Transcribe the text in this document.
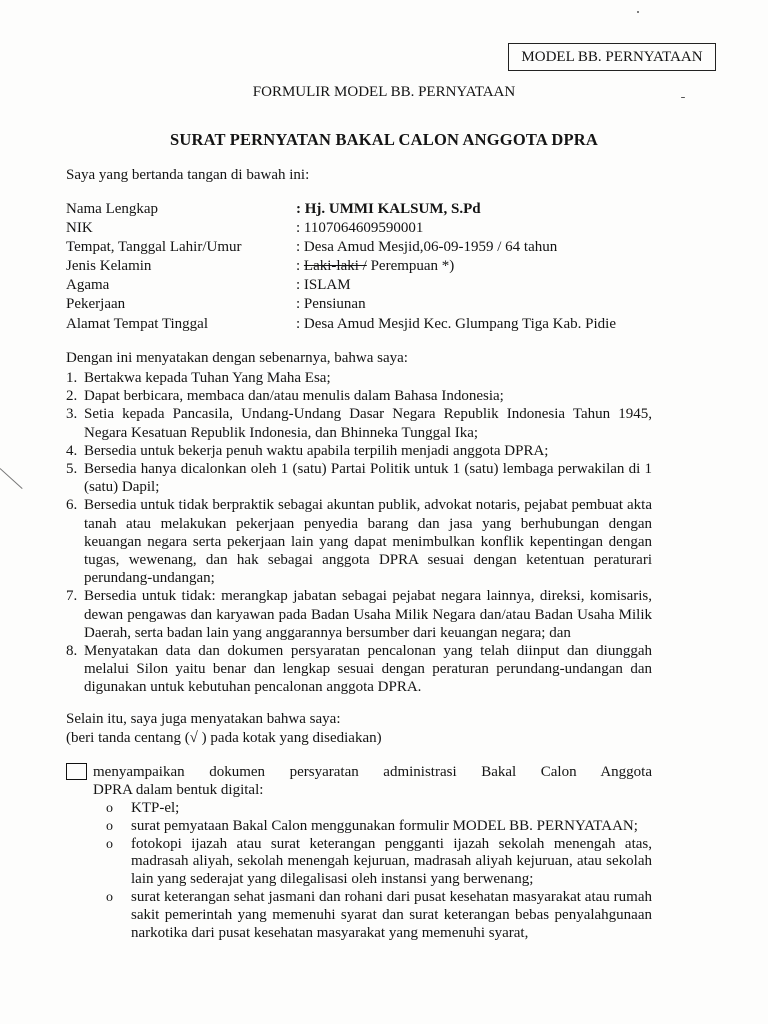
MODEL BB. PERNYATAAN
FORMULIR MODEL BB. PERNYATAAN
SURAT PERNYATAN BAKAL CALON ANGGOTA DPRA
Saya yang bertanda tangan di bawah ini:
Nama Lengkap	: Hj. UMMI KALSUM, S.Pd
NIK	: 1107064609590001
Tempat, Tanggal Lahir/Umur	: Desa Amud Mesjid,06-09-1959 / 64 tahun
Jenis Kelamin	: Laki-laki / Perempuan *)
Agama	: ISLAM
Pekerjaan	: Pensiunan
Alamat Tempat Tinggal	: Desa Amud Mesjid Kec. Glumpang Tiga Kab. Pidie
Dengan ini menyatakan dengan sebenarnya, bahwa saya:
1. Bertakwa kepada Tuhan Yang Maha Esa;
2. Dapat berbicara, membaca dan/atau menulis dalam Bahasa Indonesia;
3. Setia kepada Pancasila, Undang-Undang Dasar Negara Republik Indonesia Tahun 1945, Negara Kesatuan Republik Indonesia, dan Bhinneka Tunggal Ika;
4. Bersedia untuk bekerja penuh waktu apabila terpilih menjadi anggota DPRA;
5. Bersedia hanya dicalonkan oleh 1 (satu) Partai Politik untuk 1 (satu) lembaga perwakilan di 1 (satu) Dapil;
6. Bersedia untuk tidak berpraktik sebagai akuntan publik, advokat notaris, pejabat pembuat akta tanah atau melakukan pekerjaan penyedia barang dan jasa yang berhubungan dengan keuangan negara serta pekerjaan lain yang dapat menimbulkan konflik kepentingan dengan tugas, wewenang, dan hak sebagai anggota DPRA sesuai dengan ketentuan peraturari perundang-undangan;
7. Bersedia untuk tidak: merangkap jabatan sebagai pejabat negara lainnya, direksi, komisaris, dewan pengawas dan karyawan pada Badan Usaha Milik Negara dan/atau Badan Usaha Milik Daerah, serta badan lain yang anggarannya bersumber dari keuangan negara; dan
8. Menyatakan data dan dokumen persyaratan pencalonan yang telah diinput dan diunggah melalui Silon yaitu benar dan lengkap sesuai dengan peraturan perundang-undangan dan digunakan untuk kebutuhan pencalonan anggota DPRA.
Selain itu, saya juga menyatakan bahwa saya:
(beri tanda centang (√ ) pada kotak yang disediakan)
menyampaikan dokumen persyaratan administrasi Bakal Calon Anggota
DPRA dalam bentuk digital:
o KTP-el;
o surat pemyataan Bakal Calon menggunakan formulir MODEL BB. PERNYATAAN;
o fotokopi ijazah atau surat keterangan pengganti ijazah sekolah menengah atas, madrasah aliyah, sekolah menengah kejuruan, madrasah aliyah kejuruan, atau sekolah lain yang sederajat yang dilegalisasi oleh instansi yang berwenang;
o surat keterangan sehat jasmani dan rohani dari pusat kesehatan masyarakat atau rumah sakit pemerintah yang memenuhi syarat dan surat keterangan bebas penyalahgunaan narkotika dari pusat kesehatan masyarakat yang memenuhi syarat,
